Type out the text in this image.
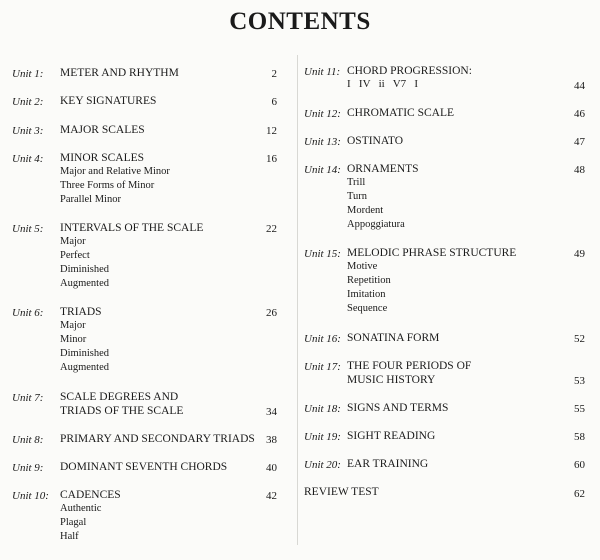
CONTENTS
Unit 1: METER AND RHYTHM	2
Unit 2: KEY SIGNATURES	6
Unit 3: MAJOR SCALES	12
Unit 4: MINOR SCALES	16
Major and Relative Minor
Three Forms of Minor
Parallel Minor
Unit 5: INTERVALS OF THE SCALE	22
Major
Perfect
Diminished
Augmented
Unit 6: TRIADS	26
Major
Minor
Diminished
Augmented
Unit 7: SCALE DEGREES AND
TRIADS OF THE SCALE	34
Unit 8: PRIMARY AND SECONDARY TRIADS	38
Unit 9: DOMINANT SEVENTH CHORDS	40
Unit 10: CADENCES	42
Authentic
Plagal
Half
Unit 11: CHORD PROGRESSION:
I   IV   ii   V7   I	44
Unit 12: CHROMATIC SCALE	46
Unit 13: OSTINATO	47
Unit 14: ORNAMENTS	48
Trill
Turn
Mordent
Appoggiatura
Unit 15: MELODIC PHRASE STRUCTURE	49
Motive
Repetition
Imitation
Sequence
Unit 16: SONATINA FORM	52
Unit 17: THE FOUR PERIODS OF
MUSIC HISTORY	53
Unit 18: SIGNS AND TERMS	55
Unit 19: SIGHT READING	58
Unit 20: EAR TRAINING	60
REVIEW TEST	62
